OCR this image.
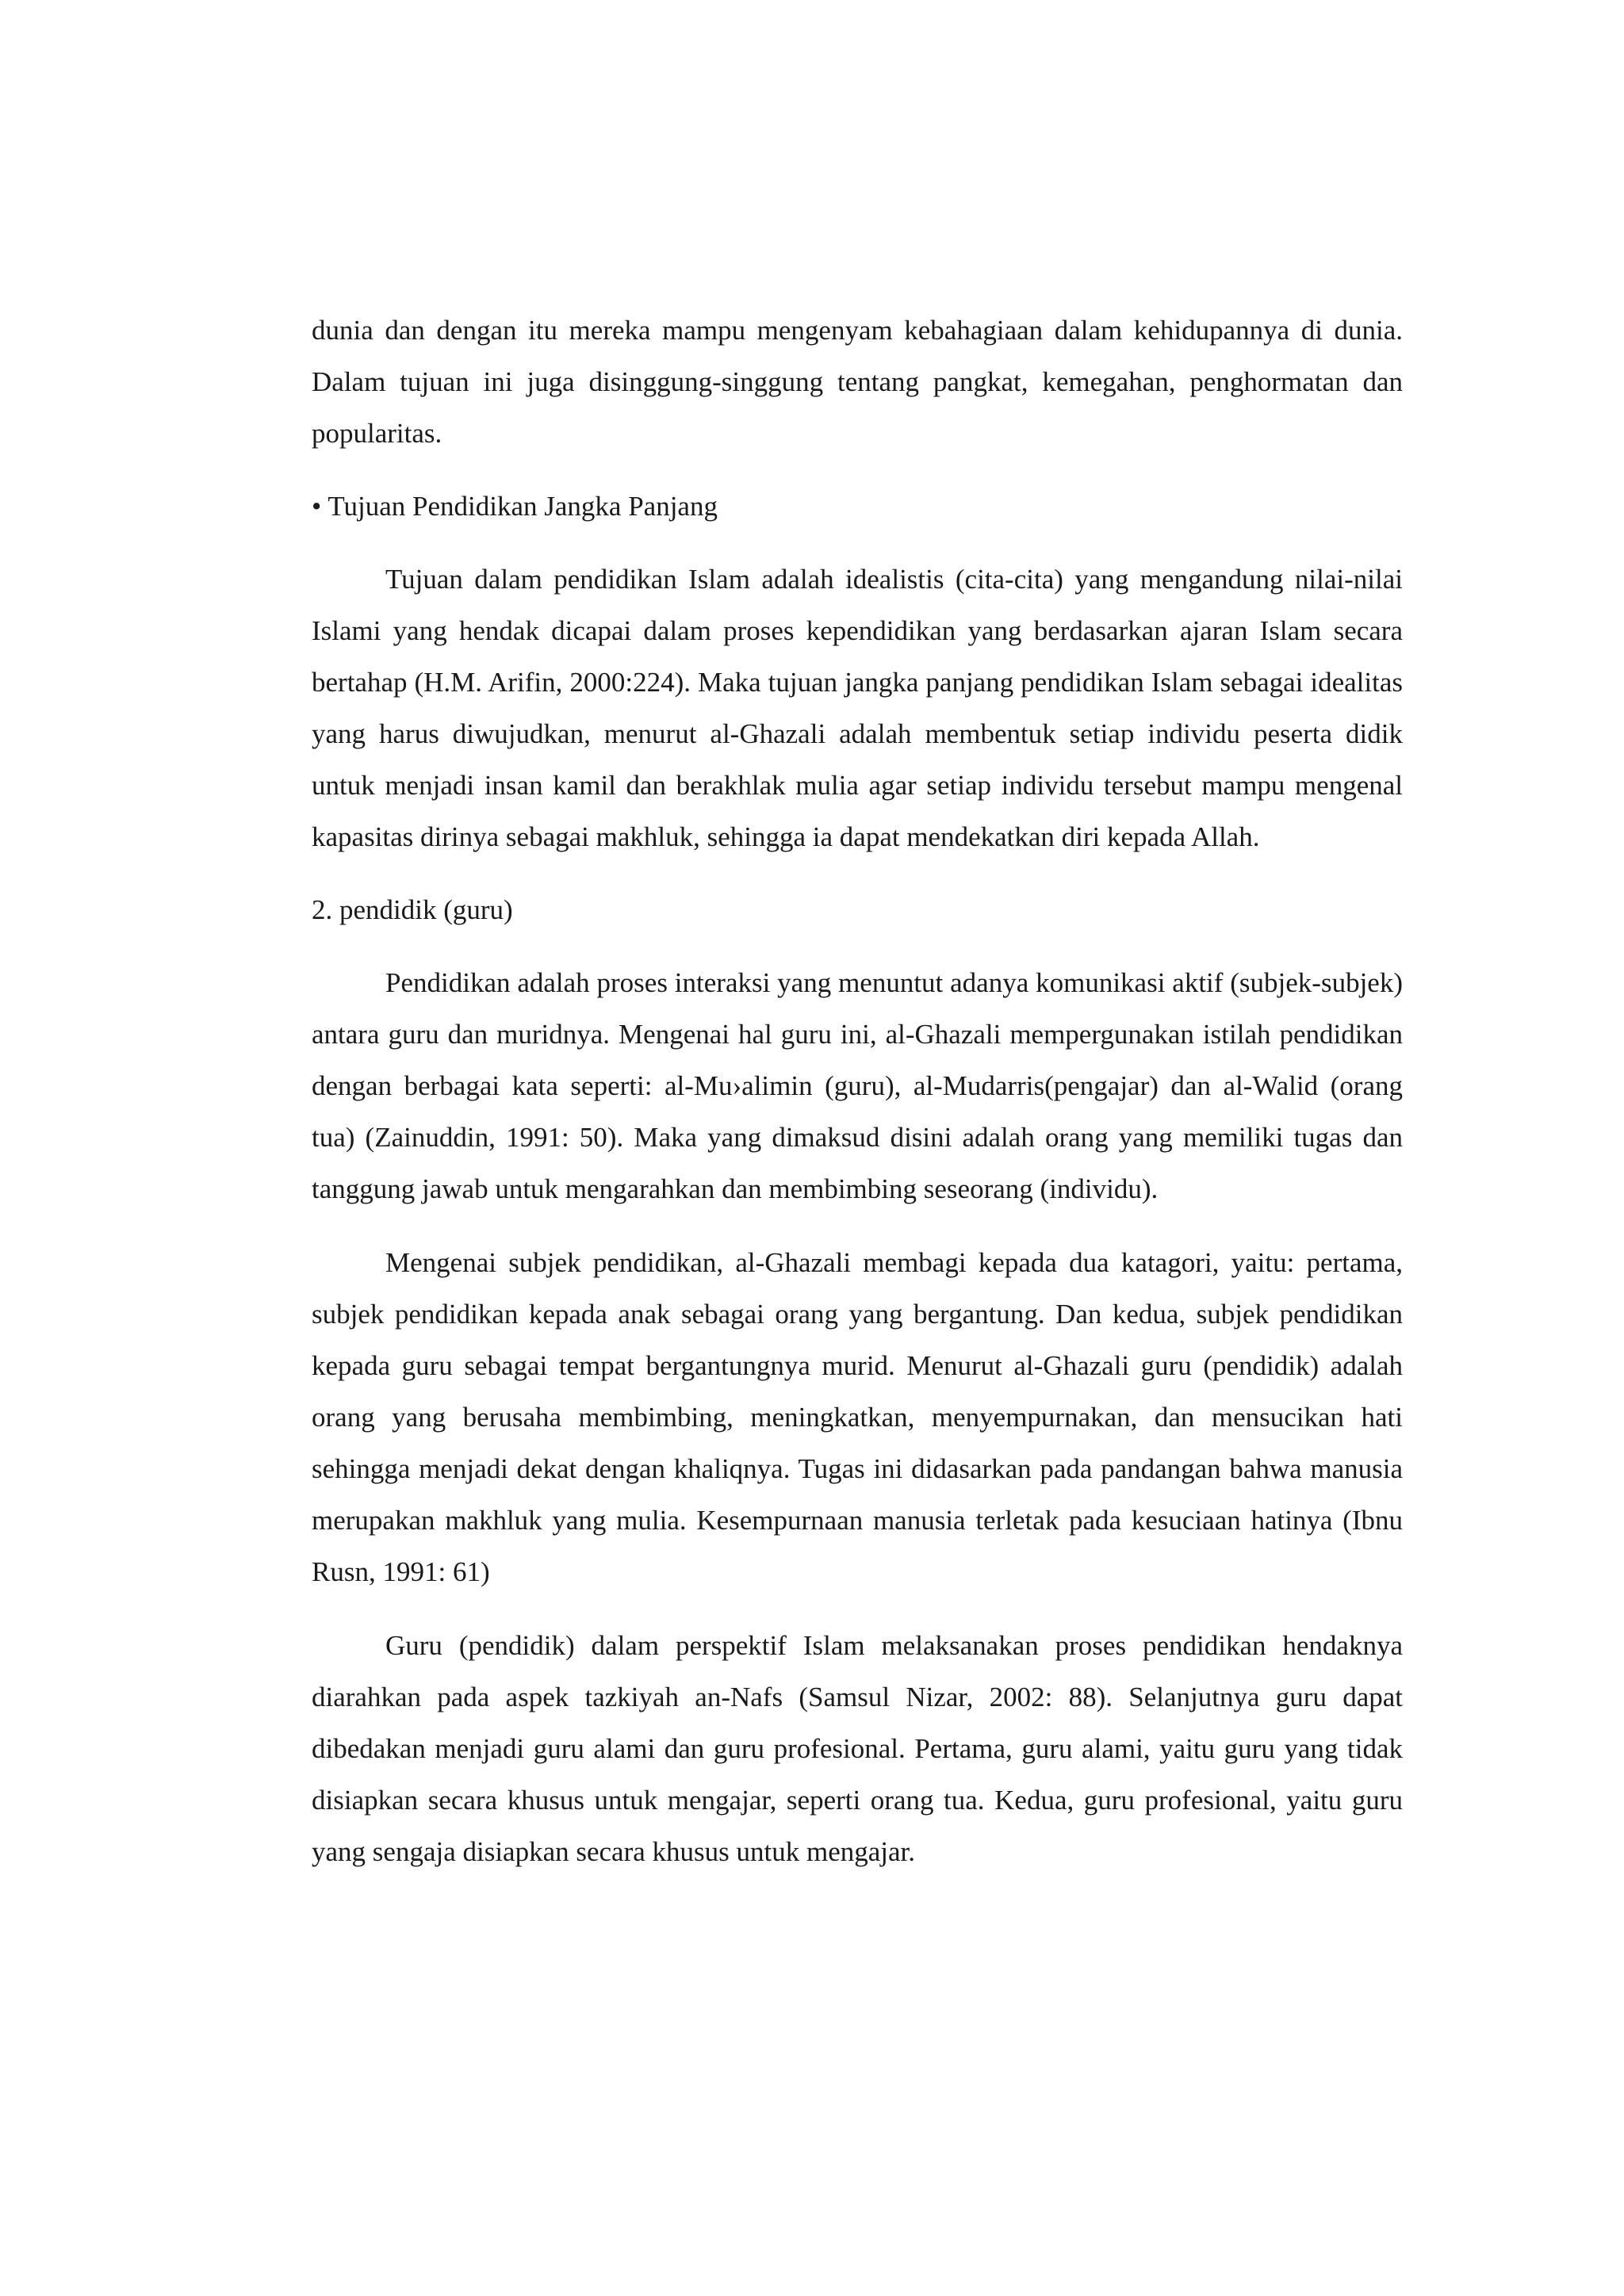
dunia dan dengan itu mereka mampu mengenyam kebahagiaan dalam kehidupannya di dunia. Dalam tujuan ini juga disinggung-singgung tentang pangkat, kemegahan, penghormatan dan popularitas.

• Tujuan Pendidikan Jangka Panjang

Tujuan dalam pendidikan Islam adalah idealistis (cita-cita) yang mengandung nilai-nilai Islami yang hendak dicapai dalam proses kependidikan yang berdasarkan ajaran Islam secara bertahap (H.M. Arifin, 2000:224). Maka tujuan jangka panjang pendidikan Islam sebagai idealitas yang harus diwujudkan, menurut al-Ghazali adalah membentuk setiap individu peserta didik untuk menjadi insan kamil dan berakhlak mulia agar setiap individu tersebut mampu mengenal kapasitas dirinya sebagai makhluk, sehingga ia dapat mendekatkan diri kepada Allah.

2. pendidik (guru)

Pendidikan adalah proses interaksi yang menuntut adanya komunikasi aktif (subjek-subjek) antara guru dan muridnya. Mengenai hal guru ini, al-Ghazali mempergunakan istilah pendidikan dengan berbagai kata seperti: al-Mu›alimin (guru), al-Mudarris(pengajar) dan al-Walid (orang tua) (Zainuddin, 1991: 50). Maka yang dimaksud disini adalah orang yang memiliki tugas dan tanggung jawab untuk mengarahkan dan membimbing seseorang (individu).

Mengenai subjek pendidikan, al-Ghazali membagi kepada dua katagori, yaitu: pertama, subjek pendidikan kepada anak sebagai orang yang bergantung. Dan kedua, subjek pendidikan kepada guru sebagai tempat bergantungnya murid. Menurut al-Ghazali guru (pendidik) adalah orang yang berusaha membimbing, meningkatkan, menyempurnakan, dan mensucikan hati sehingga menjadi dekat dengan khaliqnya. Tugas ini didasarkan pada pandangan bahwa manusia merupakan makhluk yang mulia. Kesempurnaan manusia terletak pada kesuciaan hatinya (Ibnu Rusn, 1991: 61)

Guru (pendidik) dalam perspektif Islam melaksanakan proses pendidikan hendaknya diarahkan pada aspek tazkiyah an-Nafs (Samsul Nizar, 2002: 88). Selanjutnya guru dapat dibedakan menjadi guru alami dan guru profesional. Pertama, guru alami, yaitu guru yang tidak disiapkan secara khusus untuk mengajar, seperti orang tua. Kedua, guru profesional, yaitu guru yang sengaja disiapkan secara khusus untuk mengajar.
